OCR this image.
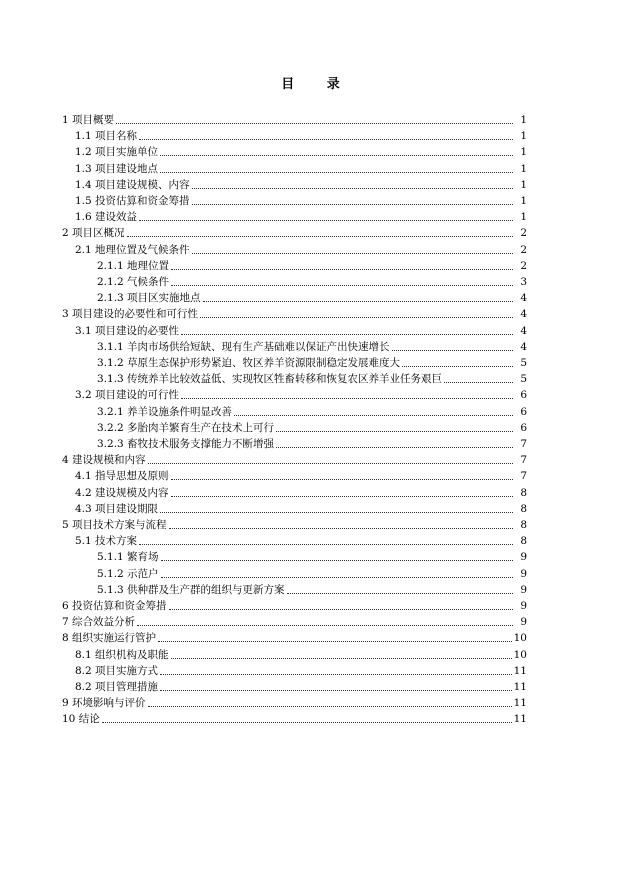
目 录
1 项目概要	1
1.1 项目名称	1
1.2 项目实施单位	1
1.3 项目建设地点	1
1.4 项目建设规模、内容	1
1.5 投资估算和资金筹措	1
1.6 建设效益	1
2 项目区概况	2
2.1 地理位置及气候条件	2
2.1.1 地理位置	2
2.1.2 气候条件	3
2.1.3 项目区实施地点	4
3 项目建设的必要性和可行性	4
3.1 项目建设的必要性	4
3.1.1 羊肉市场供给短缺、现有生产基础难以保证产出快速增长	4
3.1.2 草原生态保护形势紧迫、牧区养羊资源限制稳定发展难度大	5
3.1.3 传统养羊比较效益低、实现牧区牲畜转移和恢复农区养羊业任务艰巨	5
3.2 项目建设的可行性	6
3.2.1 养羊设施条件明显改善	6
3.2.2 多胎肉羊繁育生产在技术上可行	6
3.2.3 畜牧技术服务支撑能力不断增强	7
4 建设规模和内容	7
4.1 指导思想及原则	7
4.2 建设规模及内容	8
4.3 项目建设期限	8
5 项目技术方案与流程	8
5.1 技术方案	8
5.1.1 繁育场	9
5.1.2 示范户	9
5.1.3 供种群及生产群的组织与更新方案	9
6 投资估算和资金筹措	9
7 综合效益分析	9
8 组织实施运行管护	10
8.1 组织机构及职能	10
8.2 项目实施方式	11
8.2 项目管理措施	11
9 环境影响与评价	11
10 结论	11
